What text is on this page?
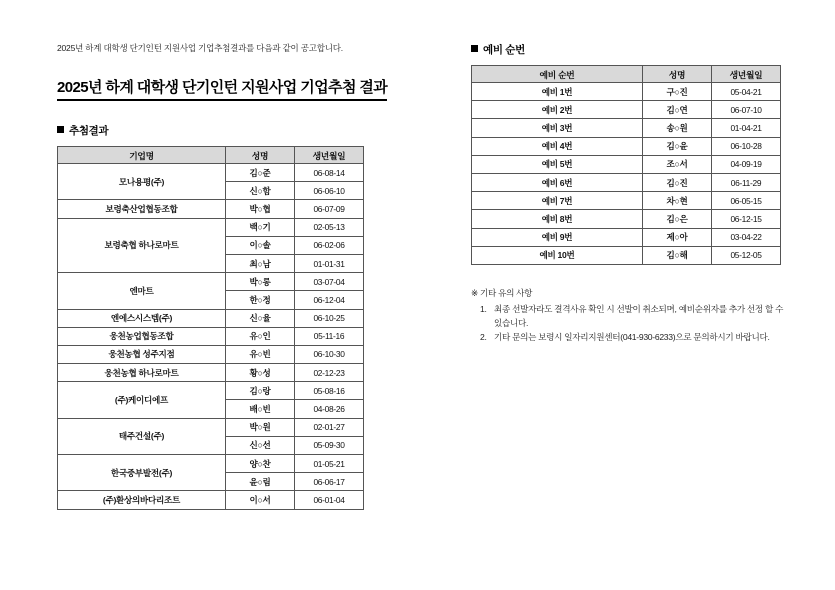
2025년 하계 대학생 단기인턴 지원사업 기업추첨결과를 다음과 같이 공고합니다.
2025년 하계 대학생 단기인턴 지원사업 기업추첨 결과
추첨결과
기업명	성명	생년월일
모나용평(주)	김○준	06-08-14
	신○함	06-06-10
보령축산업협동조합	박○협	06-07-09
보령축협 하나로마트	백○기	02-05-13
	이○솔	06-02-06
	최○남	01-01-31
엔마트	박○롱	03-07-04
	한○정	06-12-04
엔에스시스템(주)	신○율	06-10-25
웅천농업협동조합	유○인	05-11-16
웅천농협 성주지점	유○빈	06-10-30
웅천농협 하나로마트	황○성	02-12-23
(주)케이디에프	김○랑	05-08-16
	배○빈	04-08-26
태주건설(주)	박○원	02-01-27
	신○선	05-09-30
한국중부발전(주)	양○찬	01-05-21
	윤○림	06-06-17
(주)환상의바다리조트	이○서	06-01-04
예비 순번
예비 순번	성명	생년월일
예비 1번	구○진	05-04-21
예비 2번	김○연	06-07-10
예비 3번	송○원	01-04-21
예비 4번	김○윤	06-10-28
예비 5번	조○서	04-09-19
예비 6번	김○진	06-11-29
예비 7번	차○현	06-05-15
예비 8번	김○은	06-12-15
예비 9번	제○아	03-04-22
예비 10번	김○해	05-12-05
※ 기타 유의 사항
1. 최종 선발자라도 결격사유 확인 시 선발이 취소되며, 예비순위자를 추가 선정 할 수 있습니다.
2. 기타 문의는 보령시 일자리지원센터(041-930-6233)으로 문의하시기 바랍니다.
